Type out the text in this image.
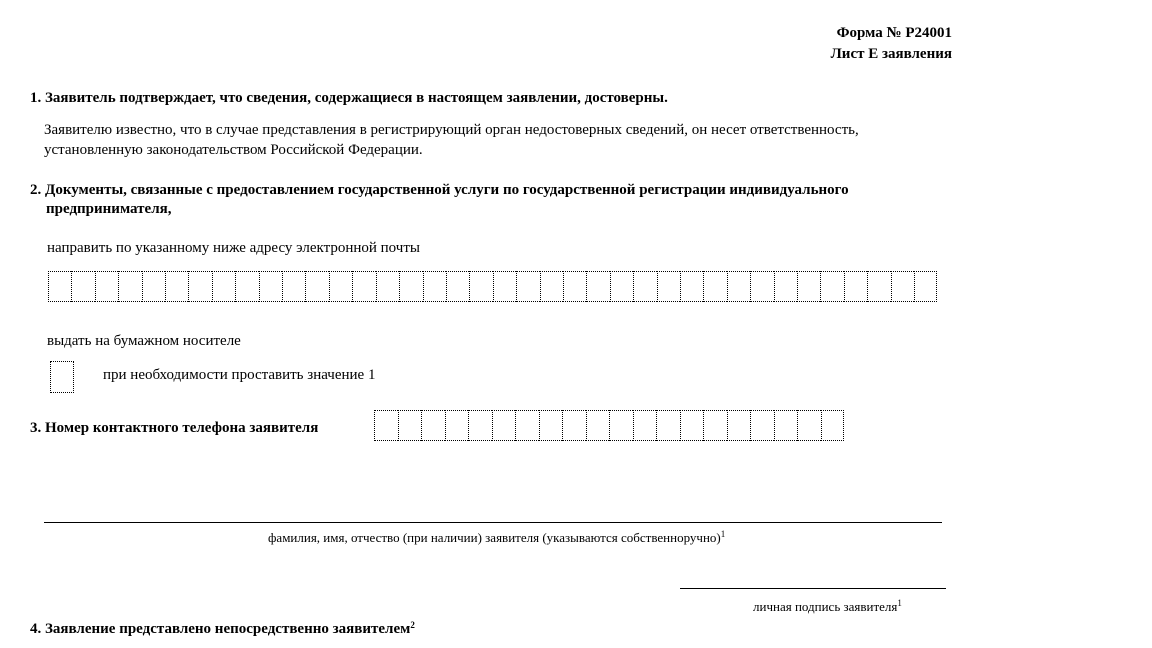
Форма № Р24001
Лист Е заявления
1. Заявитель подтверждает, что сведения, содержащиеся в настоящем заявлении, достоверны.
Заявителю известно, что в случае представления в регистрирующий орган недостоверных сведений, он несет ответственность,
установленную законодательством Российской Федерации.
2. Документы, связанные с предоставлением государственной услуги по государственной регистрации индивидуального
предпринимателя,
направить по указанному ниже адресу электронной почты
выдать на бумажном носителе
при необходимости проставить значение 1
3. Номер контактного телефона заявителя
фамилия, имя, отчество (при наличии) заявителя (указываются собственноручно)$^1$
личная подпись заявителя$^1$
4. Заявление представлено непосредственно заявителем$^2$
